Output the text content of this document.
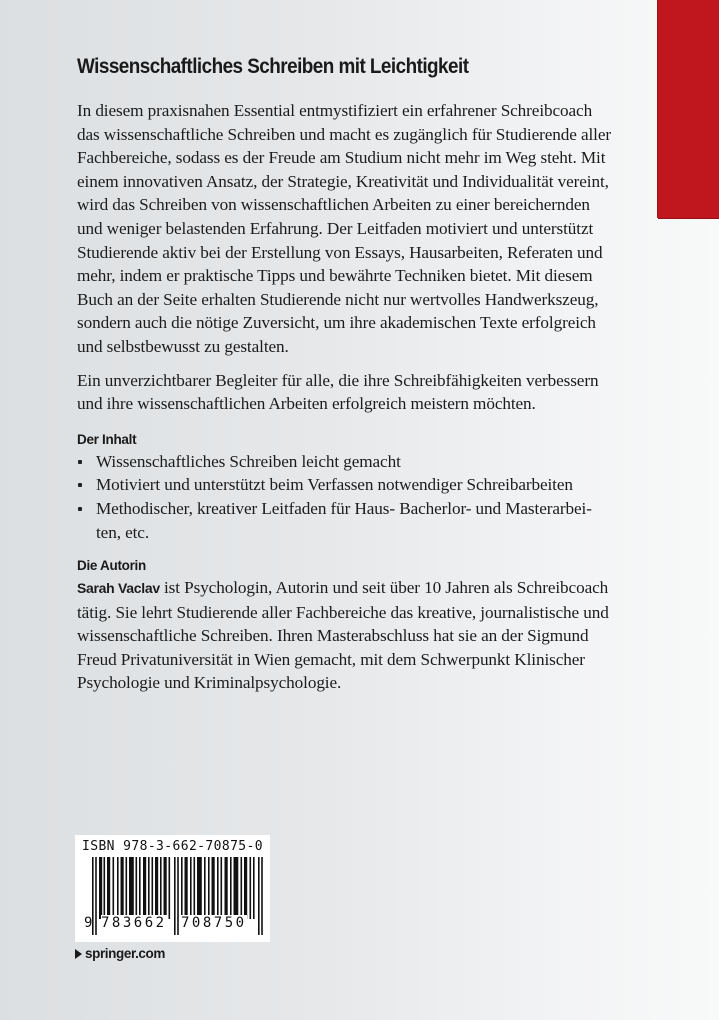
Wissenschaftliches Schreiben mit Leichtigkeit

In diesem praxisnahen Essential entmystifiziert ein erfahrener Schreibcoach
das wissenschaftliche Schreiben und macht es zugänglich für Studierende aller
Fachbereiche, sodass es der Freude am Studium nicht mehr im Weg steht. Mit
einem innovativen Ansatz, der Strategie, Kreativität und Individualität vereint,
wird das Schreiben von wissenschaftlichen Arbeiten zu einer bereichernden
und weniger belastenden Erfahrung. Der Leitfaden motiviert und unterstützt
Studierende aktiv bei der Erstellung von Essays, Hausarbeiten, Referaten und
mehr, indem er praktische Tipps und bewährte Techniken bietet. Mit diesem
Buch an der Seite erhalten Studierende nicht nur wertvolles Handwerkszeug,
sondern auch die nötige Zuversicht, um ihre akademischen Texte erfolgreich
und selbstbewusst zu gestalten.

Ein unverzichtbarer Begleiter für alle, die ihre Schreibfähigkeiten verbessern
und ihre wissenschaftlichen Arbeiten erfolgreich meistern möchten.

Der Inhalt
Wissenschaftliches Schreiben leicht gemacht
Motiviert und unterstützt beim Verfassen notwendiger Schreibarbeiten
Methodischer, kreativer Leitfaden für Haus- Bacherlor- und Masterarbei-
ten, etc.
Die Autorin

Sarah Vaclav ist Psychologin, Autorin und seit über 10 Jahren als Schreibcoach
tätig. Sie lehrt Studierende aller Fachbereiche das kreative, journalistische und
wissenschaftliche Schreiben. Ihren Masterabschluss hat sie an der Sigmund
Freud Privatuniversität in Wien gemacht, mit dem Schwerpunkt Klinischer
Psychologie und Kriminalpsychologie.

ISBN 978-3-662-70875-0
9 783662 708750
springer.com
